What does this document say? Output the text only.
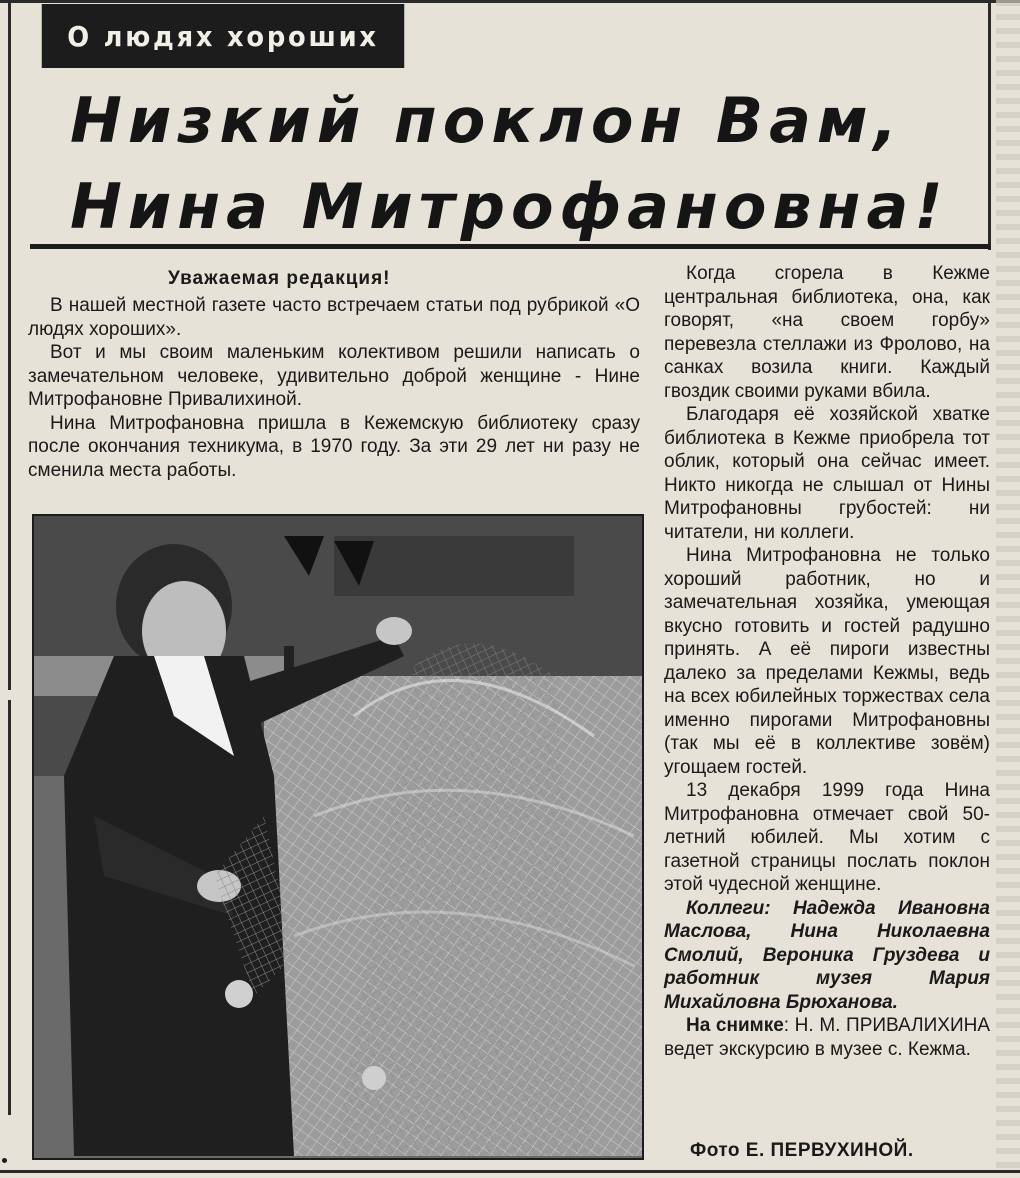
О людях хороших
Низкий поклон Вам,
Нина Митрофановна!
Уважаемая редакция!

В нашей местной газете часто встречаем статьи под рубрикой «О людях хороших».

Вот и мы своим маленьким колективом решили написать о замечательном человеке, удивительно доброй женщине - Нине Митрофановне Привалихиной.

Нина Митрофановна пришла в Кежемскую библиотеку сразу после окончания техникума, в 1970 году. За эти 29 лет ни разу не сменила места работы.

Когда сгорела в Кежме центральная библиотека, она, как говорят, «на своем горбу» перевезла стеллажи из Фролово, на санках возила книги. Каждый гвоздик своими руками вбила.

Благодаря её хозяйской хватке библиотека в Кежме приобрела тот облик, который она сейчас имеет. Никто никогда не слышал от Нины Митрофановны грубостей: ни читатели, ни коллеги.

Нина Митрофановна не только хороший работник, но и замечательная хозяйка, умеющая вкусно готовить и гостей радушно принять. А её пироги известны далеко за пределами Кежмы, ведь на всех юбилейных торжествах села именно пирогами Митрофановны (так мы её в коллективе зовём) угощаем гостей.

13 декабря 1999 года Нина Митрофановна отмечает свой 50-летний юбилей. Мы хотим с газетной страницы послать поклон этой чудесной женщине.

Коллеги: Надежда Ивановна Маслова, Нина Николаевна Смолий, Вероника Груздева и работник музея Мария Михайловна Брюханова.

На снимке: Н. М. ПРИВАЛИХИНА ведет экскурсию в музее с. Кежма.

Фото Е. ПЕРВУХИНОЙ.
